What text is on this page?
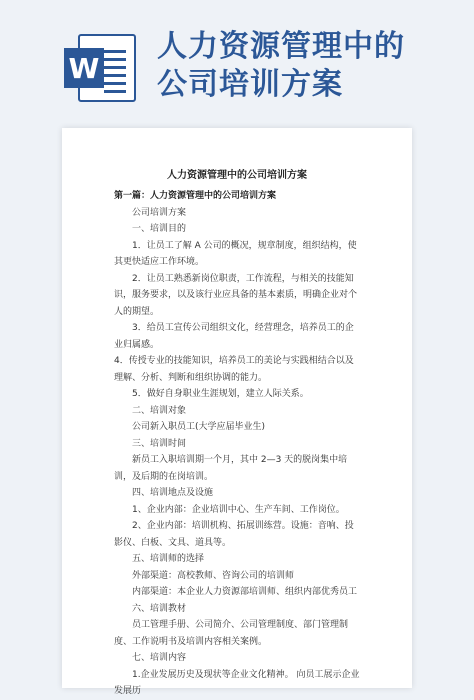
W
人力资源管理中的
公司培训方案
人力资源管理中的公司培训方案

第一篇：人力资源管理中的公司培训方案

公司培训方案

一、培训目的

1．让员工了解 A 公司的概况，规章制度，组织结构，使其更快适应工作环境。

2．让员工熟悉新岗位职责，工作流程，与相关的技能知识，服务要求，以及该行业应具备的基本素质，明确企业对个人的期望。

3．给员工宣传公司组织文化，经营理念，培养员工的企业归属感。

4．传授专业的技能知识，培养员工的美论与实践相结合以及理解、分析、判断和组织协调的能力。

5．做好自身职业生涯规划，建立人际关系。

二、培训对象

公司新入职员工(大学应届毕业生)

三、培训时间

新员工入职培训期一个月，其中 2—3 天的脱岗集中培训，及后期的在岗培训。

四、培训地点及设施

1、企业内部：企业培训中心、生产车间、工作岗位。

2、企业内部：培训机构、拓展训练营。设施：音响、投影仪、白板、文具、道具等。

五、培训师的选择

外部渠道：高校教师、咨询公司的培训师

内部渠道：本企业人力资源部培训师、组织内部优秀员工

六、培训教材

员工管理手册、公司简介、公司管理制度、部门管理制度、工作说明书及培训内容相关案例。

七、培训内容

1.企业发展历史及现状等企业文化精神。 向员工展示企业发展历
